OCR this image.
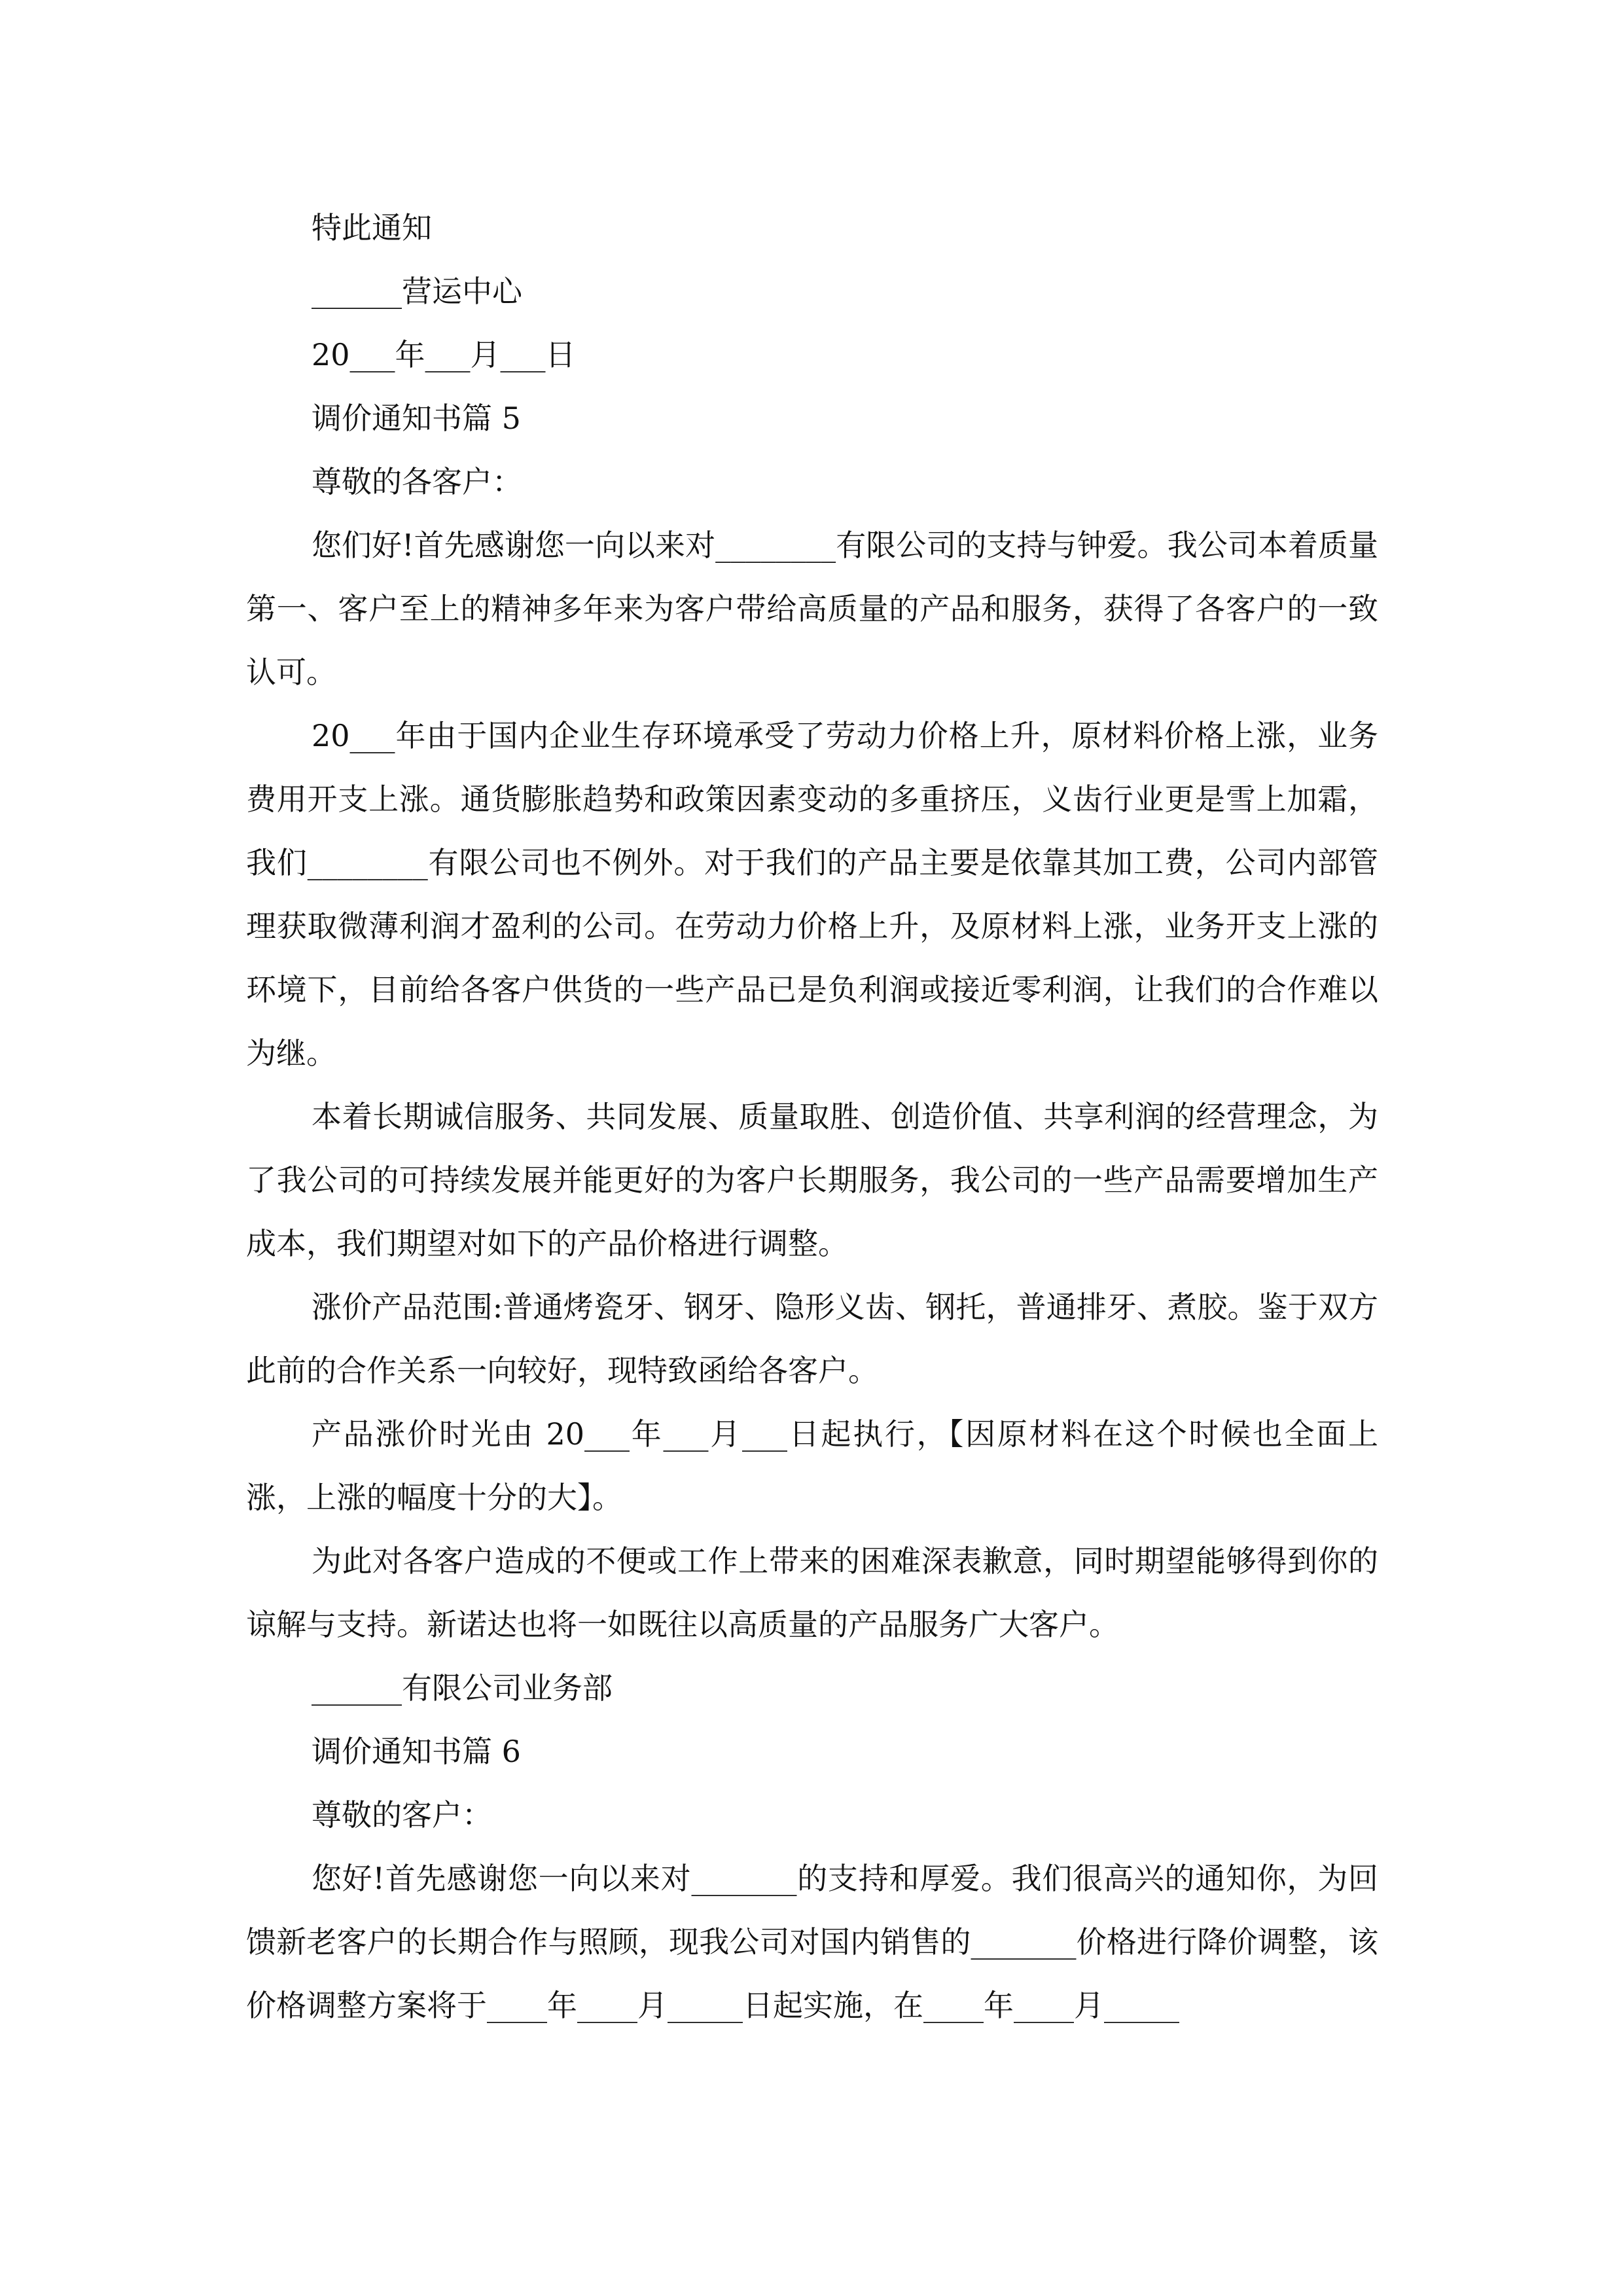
特此通知

______营运中心

20___年___月___日

调价通知书篇 5

尊敬的各客户：

您们好!首先感谢您一向以来对________有限公司的支持与钟爱。我公司本着质量第一、客户至上的精神多年来为客户带给高质量的产品和服务，获得了各客户的一致认可。

20___年由于国内企业生存环境承受了劳动力价格上升，原材料价格上涨，业务费用开支上涨。通货膨胀趋势和政策因素变动的多重挤压，义齿行业更是雪上加霜，我们________有限公司也不例外。对于我们的产品主要是依靠其加工费，公司内部管理获取微薄利润才盈利的公司。在劳动力价格上升，及原材料上涨，业务开支上涨的环境下，目前给各客户供货的一些产品已是负利润或接近零利润，让我们的合作难以为继。

本着长期诚信服务、共同发展、质量取胜、创造价值、共享利润的经营理念，为了我公司的可持续发展并能更好的为客户长期服务，我公司的一些产品需要增加生产成本，我们期望对如下的产品价格进行调整。

涨价产品范围:普通烤瓷牙、钢牙、隐形义齿、钢托，普通排牙、煮胶。鉴于双方此前的合作关系一向较好，现特致函给各客户。

产品涨价时光由 20___年___月___日起执行，【因原材料在这个时候也全面上涨，上涨的幅度十分的大】。

为此对各客户造成的不便或工作上带来的困难深表歉意，同时期望能够得到你的谅解与支持。新诺达也将一如既往以高质量的产品服务广大客户。

______有限公司业务部

调价通知书篇 6

尊敬的客户：

您好!首先感谢您一向以来对_______的支持和厚爱。我们很高兴的通知你，为回馈新老客户的长期合作与照顾，现我公司对国内销售的_______价格进行降价调整，该价格调整方案将于____年____月_____日起实施，在____年____月_____
